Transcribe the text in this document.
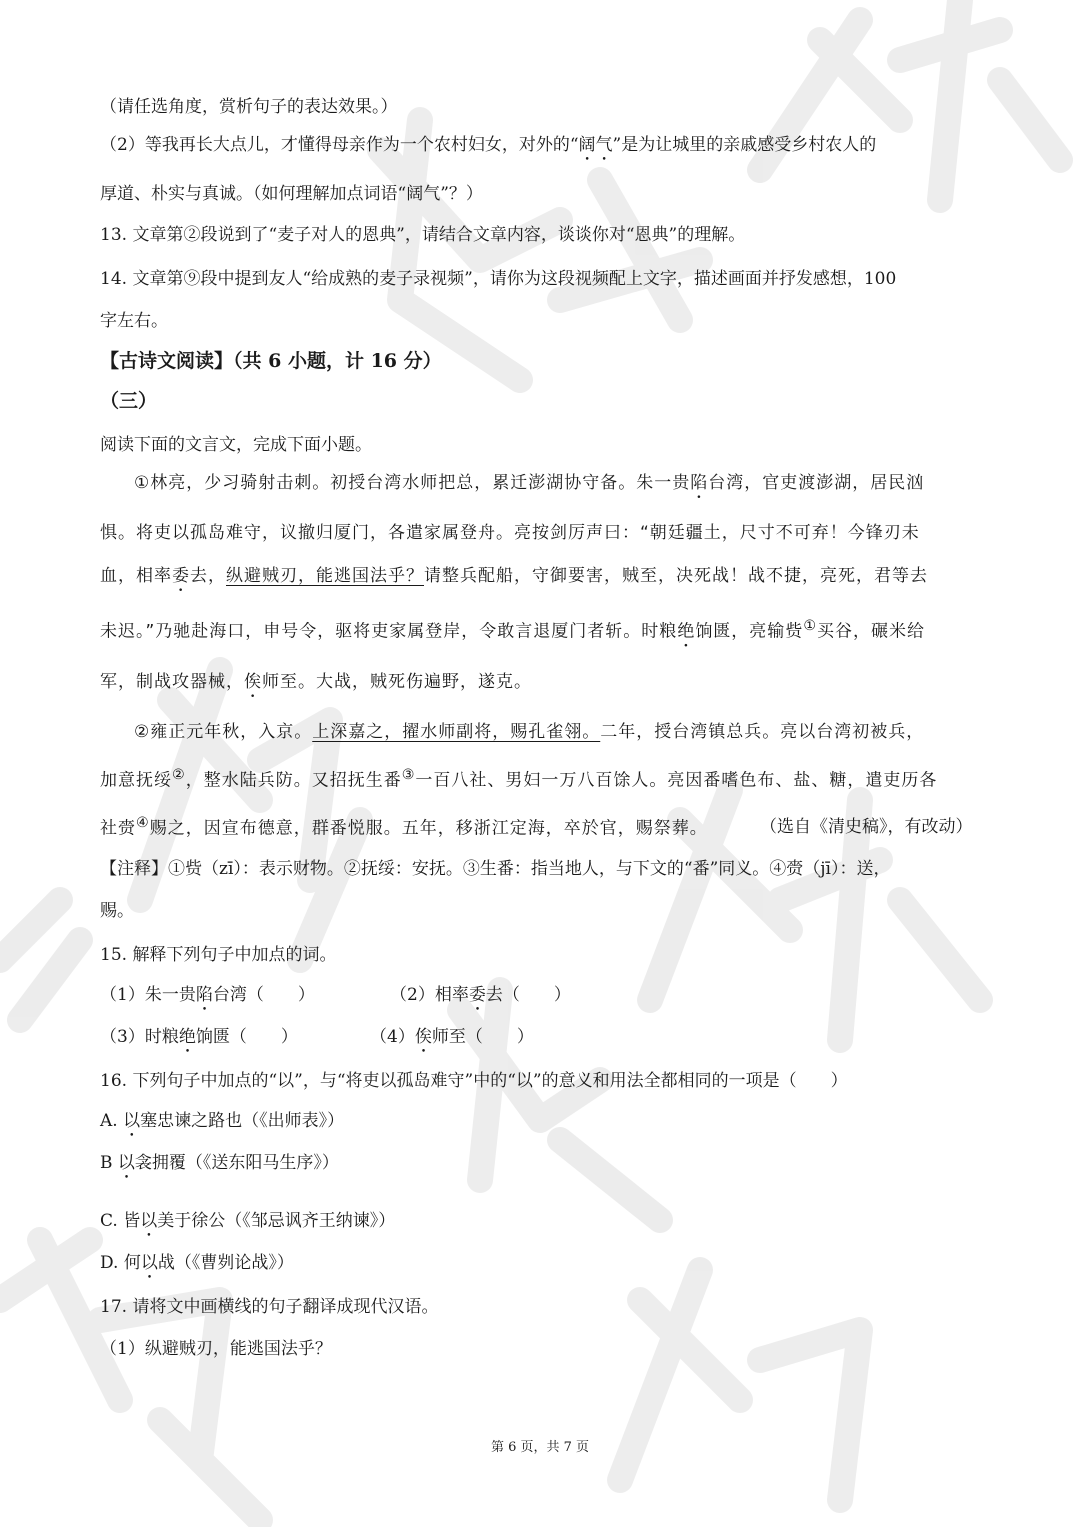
（请任选角度，赏析句子的表达效果。）

（2）等我再长大点儿，才懂得母亲作为一个农村妇女，对外的“阔气”是为让城里的亲戚感受乡村农人的

厚道、朴实与真诚。（如何理解加点词语“阔气”？）

13. 文章第②段说到了“麦子对人的恩典”，请结合文章内容，谈谈你对“恩典”的理解。

14. 文章第⑨段中提到友人“给成熟的麦子录视频”，请你为这段视频配上文字，描述画面并抒发感想，100

字左右。

【古诗文阅读】（共 6 小题，计 16 分）

（三）

阅读下面的文言文，完成下面小题。

①林亮，少习骑射击刺。初授台湾水师把总，累迁澎湖协守备。朱一贵陷台湾，官吏渡澎湖，居民汹

惧。将吏以孤岛难守，议撤归厦门，各遣家属登舟。亮按剑厉声曰：“朝廷疆土，尺寸不可弃！今锋刃未

血，相率委去，纵避贼刃，能逃国法乎？请整兵配船，守御要害，贼至，决死战！战不捷，亮死，君等去

未迟。”乃驰赴海口，申号令，驱将吏家属登岸，令敢言退厦门者斩。时粮绝饷匮，亮输赀①买谷，碾米给

军，制战攻器械，俟师至。大战，贼死伤遍野，遂克。

②雍正元年秋，入京。上深嘉之，擢水师副将，赐孔雀翎。二年，授台湾镇总兵。亮以台湾初被兵，

加意抚绥②，整水陆兵防。又招抚生番③一百八社、男妇一万八百馀人。亮因番嗜色布、盐、糖，遣吏历各

社赍④赐之，因宣布德意，群番悦服。五年，移浙江定海，卒於官，赐祭葬。	（选自《清史稿》，有改动）

【注释】①赀（zī）：表示财物。②抚绥：安抚。③生番：指当地人，与下文的“番”同义。④赍（jī）：送，

赐。

15. 解释下列句子中加点的词。

（1）朱一贵陷台湾（　　）	（2）相率委去（　　）

（3）时粮绝饷匮（　　）	（4）俟师至（　　）

16. 下列句子中加点的“以”，与“将吏以孤岛难守”中的“以”的意义和用法全都相同的一项是（　　）

A. 以塞忠谏之路也（《出师表》）

B 以衾拥覆（《送东阳马生序》）

C. 皆以美于徐公（《邹忌讽齐王纳谏》）

D. 何以战（《曹刿论战》）

17. 请将文中画横线的句子翻译成现代汉语。

（1）纵避贼刃，能逃国法乎？

第 6 页，共 7 页
